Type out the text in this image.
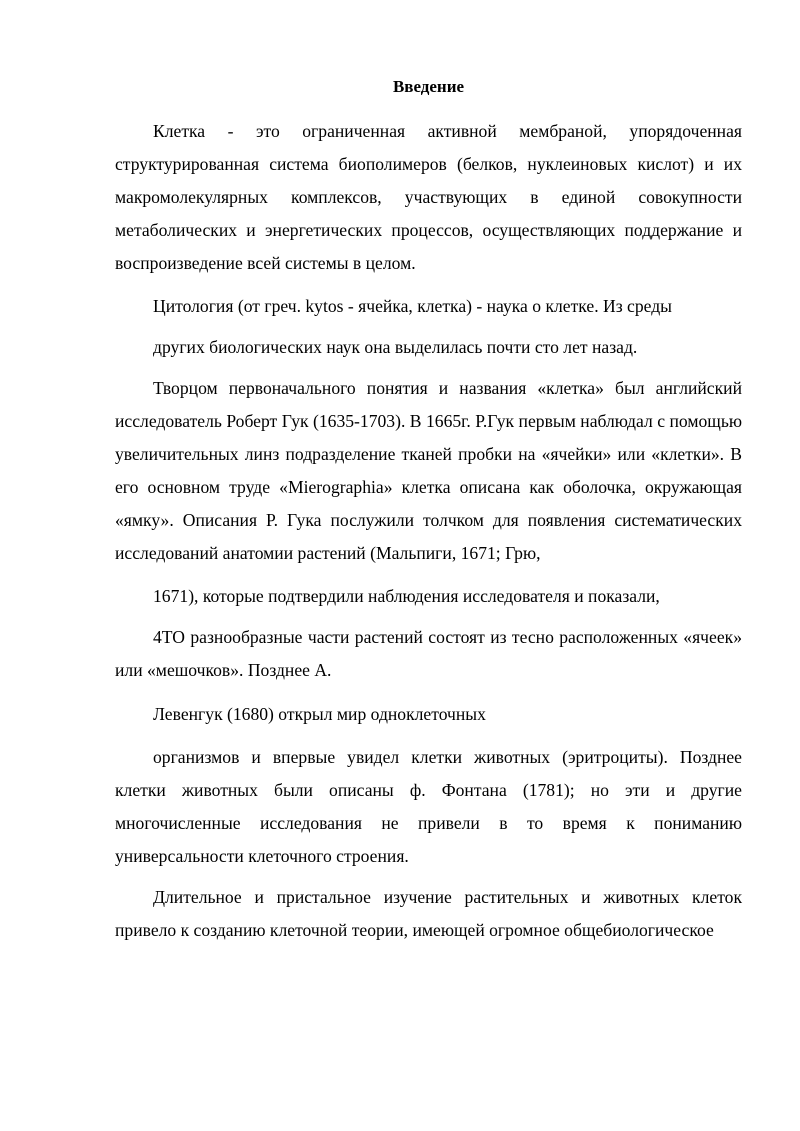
Введение

Клетка - это ограниченная активной мембраной, упорядоченная структурированная система биополимеров (белков, нуклеиновых кислот) и их макромолекулярных комплексов, участвующих в единой совокупности метаболических и энергетических процессов, осуществляющих поддержание и воспроизведение всей системы в целом.

Цитология (от греч. kytos - ячейка, клетка) - наука о клетке. Из среды

других биологических наук она выделилась почти сто лет назад.

Творцом первоначального понятия и названия «клетка» был английский исследователь Роберт Гук (1635-1703). В 1665г. Р.Гук первым наблюдал с помощью увеличительных линз подразделение тканей пробки на «ячейки» или «клетки». В его основном труде «Mierographia» клетка описана как оболочка, окружающая «ямку». Описания Р. Гука послужили толчком для появления систематических исследований анатомии растений (Мальпиги, 1671; Грю,

1671), которые подтвердили наблюдения исследователя и показали,

4ТО разнообразные части растений состоят из тесно расположенных «ячеек» или «мешочков». Позднее А.

Левенгук (1680) открыл мир одноклеточных

организмов и впервые увидел клетки животных (эритроциты). Позднее клетки животных были описаны ф. Фонтана (1781); но эти и другие многочисленные исследования не привели в то время к пониманию универсальности клеточного строения.

Длительное и пристальное изучение растительных и животных клеток привело к созданию клеточной теории, имеющей огромное общебиологическое
